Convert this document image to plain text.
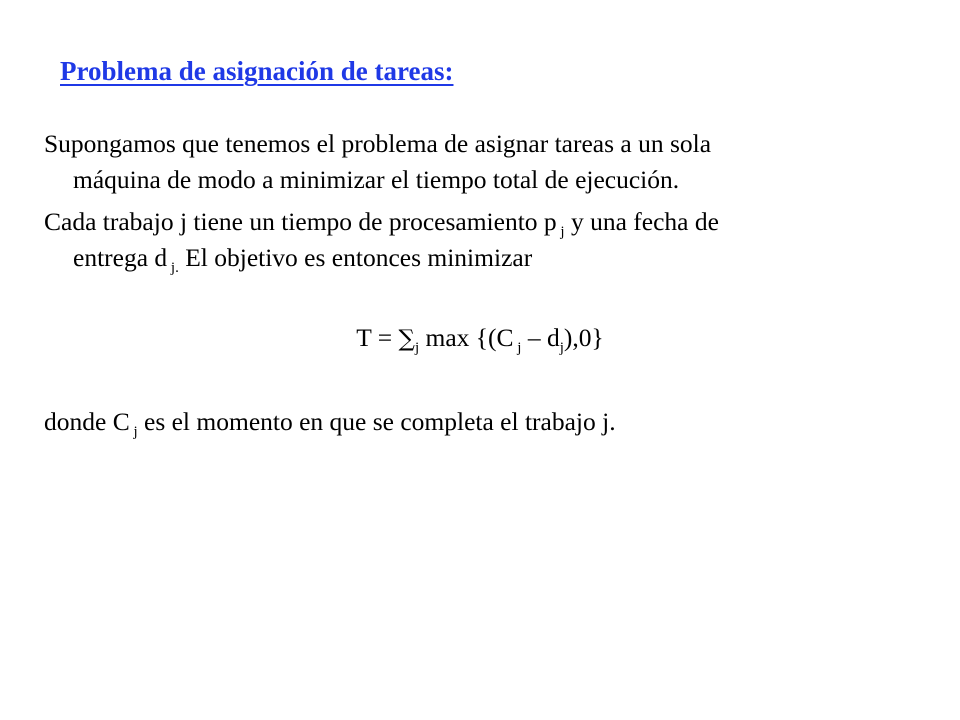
Problema de asignación de tareas:
Supongamos que tenemos el problema de asignar tareas a un sola
máquina de modo a minimizar el tiempo total de ejecución.
Cada trabajo j tiene un tiempo de procesamiento p $_j$ y una fecha de
entrega d $_{j.}$ El objetivo es entonces minimizar
$T = \sum_j$ max {(C $_j - d_j),0$}
donde C $_j$ es el momento en que se completa el trabajo j.
